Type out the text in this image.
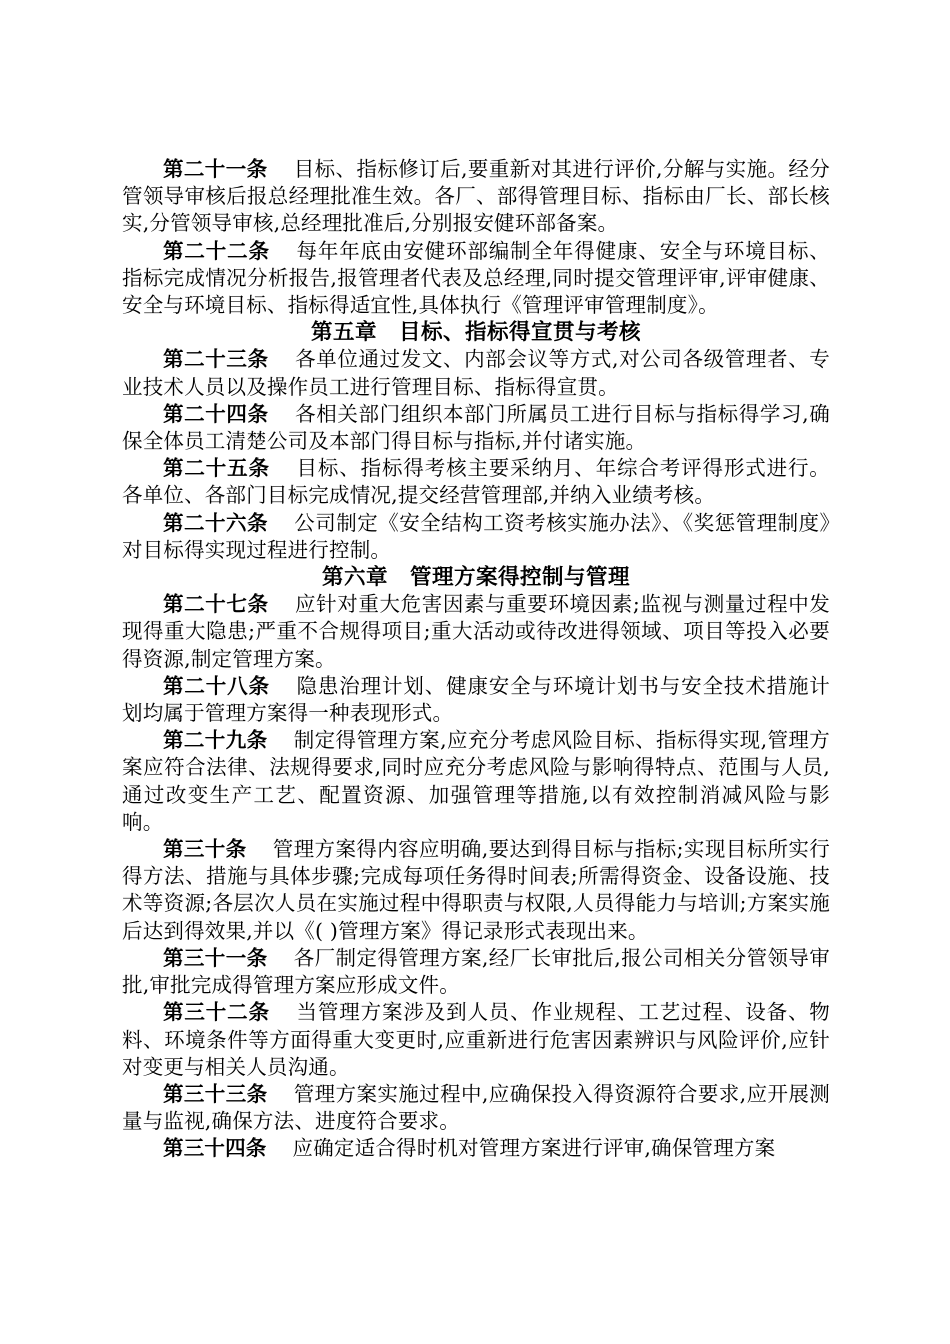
第二十一条 目标、指标修订后,要重新对其进行评价,分解与实施。经分管领导审核后报总经理批准生效。各厂、部得管理目标、指标由厂长、部长核实,分管领导审核,总经理批准后,分别报安健环部备案。

第二十二条 每年年底由安健环部编制全年得健康、安全与环境目标、指标完成情况分析报告,报管理者代表及总经理,同时提交管理评审,评审健康、安全与环境目标、指标得适宜性,具体执行《管理评审管理制度》。

第五章 目标、指标得宣贯与考核

第二十三条 各单位通过发文、内部会议等方式,对公司各级管理者、专业技术人员以及操作员工进行管理目标、指标得宣贯。

第二十四条 各相关部门组织本部门所属员工进行目标与指标得学习,确保全体员工清楚公司及本部门得目标与指标,并付诸实施。

第二十五条 目标、指标得考核主要采纳月、年综合考评得形式进行。各单位、各部门目标完成情况,提交经营管理部,并纳入业绩考核。

第二十六条 公司制定《安全结构工资考核实施办法》、《奖惩管理制度》对目标得实现过程进行控制。

第六章 管理方案得控制与管理

第二十七条 应针对重大危害因素与重要环境因素;监视与测量过程中发现得重大隐患;严重不合规得项目;重大活动或待改进得领域、项目等投入必要得资源,制定管理方案。

第二十八条 隐患治理计划、健康安全与环境计划书与安全技术措施计划均属于管理方案得一种表现形式。

第二十九条 制定得管理方案,应充分考虑风险目标、指标得实现,管理方案应符合法律、法规得要求,同时应充分考虑风险与影响得特点、范围与人员,通过改变生产工艺、配置资源、加强管理等措施,以有效控制消减风险与影响。

第三十条 管理方案得内容应明确,要达到得目标与指标;实现目标所实行得方法、措施与具体步骤;完成每项任务得时间表;所需得资金、设备设施、技术等资源;各层次人员在实施过程中得职责与权限,人员得能力与培训;方案实施后达到得效果,并以《( )管理方案》得记录形式表现出来。

第三十一条 各厂制定得管理方案,经厂长审批后,报公司相关分管领导审批,审批完成得管理方案应形成文件。

第三十二条 当管理方案涉及到人员、作业规程、工艺过程、设备、物料、环境条件等方面得重大变更时,应重新进行危害因素辨识与风险评价,应针对变更与相关人员沟通。

第三十三条 管理方案实施过程中,应确保投入得资源符合要求,应开展测量与监视,确保方法、进度符合要求。

第三十四条 应确定适合得时机对管理方案进行评审,确保管理方案
